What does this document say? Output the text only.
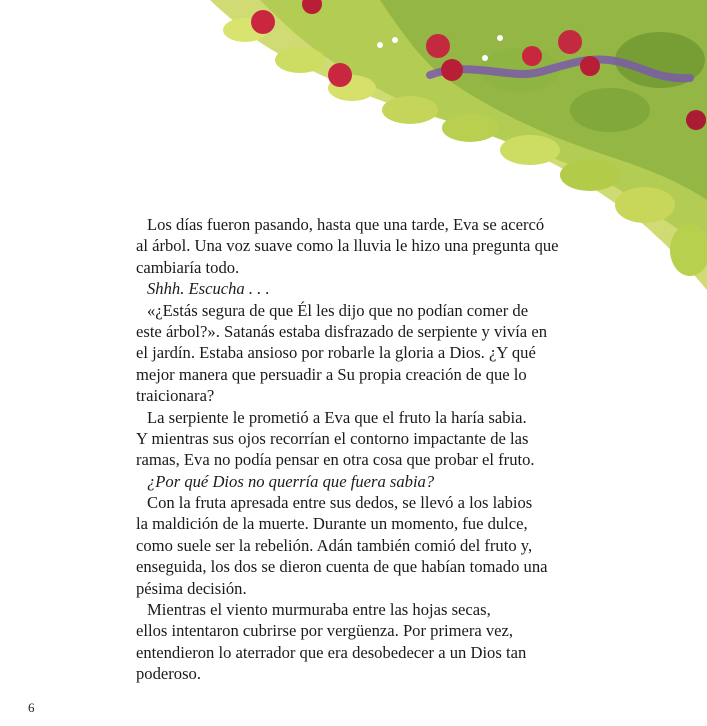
Los días fueron pasando, hasta que una tarde, Eva se acercó
al árbol. Una voz suave como la lluvia le hizo una pregunta que
cambiaría todo.
Shhh. Escucha . . .
«¿Estás segura de que Él les dijo que no podían comer de
este árbol?». Satanás estaba disfrazado de serpiente y vivía en
el jardín. Estaba ansioso por robarle la gloria a Dios. ¿Y qué
mejor manera que persuadir a Su propia creación de que lo
traicionara?
La serpiente le prometió a Eva que el fruto la haría sabia.
Y mientras sus ojos recorrían el contorno impactante de las
ramas, Eva no podía pensar en otra cosa que probar el fruto.
¿Por qué Dios no querría que fuera sabia?
Con la fruta apresada entre sus dedos, se llevó a los labios
la maldición de la muerte. Durante un momento, fue dulce,
como suele ser la rebelión. Adán también comió del fruto y,
enseguida, los dos se dieron cuenta de que habían tomado una
pésima decisión.
Mientras el viento murmuraba entre las hojas secas,
ellos intentaron cubrirse por vergüenza. Por primera vez,
entendieron lo aterrador que era desobedecer a un Dios tan
poderoso.
6
